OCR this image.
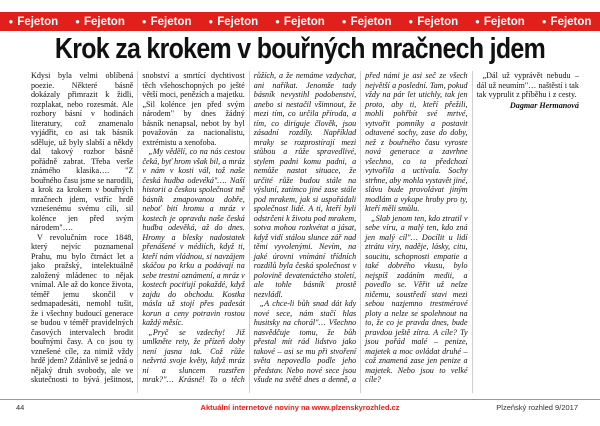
● Fejeton ● Fejeton ● Fejeton ● Fejeton ● Fejeton ● Fejeton ● Fejeton ● Fejeton ● Fejeton
Krok za krokem v bouřných mračnech jdem

Kdysi byla velmi oblíbená poezie. Některé básně dokázaly přimrazit k židli, rozplakat, nebo rozesmát. Ale rozbory básní v hodinách literatury, což znamenalo vyjádřit, co asi tak básník sděluje, už byly slabší a někdy dal takový rozbor básně pořádně zabrat. Třeba verše známého klasika…. "Z bouřného času jsme se narodili, a krok za krokem v bouřných mračnech jdem, vstříc hrdě vzneśenému svému cíli, sil kolénce jen před svým národem"….

V revolučním roce 1848, který nejvíc poznamenal Prahu, mu bylo čtrnáct let a jako pražský, intelektuálně založený mládenec to nějak vnímal. Ale až do konce života, téměř jemu skončil v sedmapadesáti, nemohl tušit, že i všechny budoucí generace se budou v téměř pravidelných časových intervalech brodit bouřnými časy. A co jsou ty vznešené cíle, za nimiž vždy hrdě jdem? Zdánlivě se jedná o nějaký druh svobody, ale ve skutečnosti to bývá ješitnost, snobství a smrtící dychtivost těch všehoschopných po ješté větší moci, penězích a majetku. „Sil kolénce jen před svým národem" by dnes žádný básník nenapsal, nebot by byl považován za nacionalistu, extrémistu a xenofoba.

„My vědělí, co na nás cestou čeká, byť hrom však bil, a mráz v nám v kosti vál, tož naše česká hudba odevéká"…. Naší historii a českou společnost mě básník zmapovanou dobře, neboť bití hromu a mráz v kostech je opravdu naše česká hudba odevěká, až do dnes. Hromy a blesky nadostatek přenášené v médiích, když ti, kteří nám vládnou, si navzájem skáčou po krku a podávají na sebe trestní oznámení, a mráz v kostech pociťují pokaždé, když zajdu do obchodu. Kostka másla už stojí přes padesát korun a ceny potravin rostou každý měsíc.

„Pryč se vzdechy! Již umlkněte rety, že přízeň doby není jasna tak. Což růže nežvrtá svoje květy, když mráz ni a sluncem rozstřen mrak?"… Krásné! To o těch růžích, a že nemáme vzdychat, ani naříkat. Jenomže tady básník nevystihl podobenství, anebo si nestačil všimnout, že mezi tím, co určila příroda, a tím, co diriguje člověk, jsou zásadní rozdíly. Například mraky se rozprostírají mezi stůbou a růže spravedlivé, stylem padni komu padni, a nemůže nastat situace, že určité růže budou stále na výsluní, zatímco jiné zase stále pod mrakem, jak si uspořádali společnost lidé. A ti, kteří byli odstrčeni k životu pod mrakem, sotva mohou rozkvétat a jásat, když vidí stálou slunce zář nad těmi vyvolenými. Nevím, na jaké úrovni vnímání třídních rozdílů byla česká společnost v polovině devatenáctého století, ale tohle básník prostě nezvládl.

„A chce-li bůh snad dát kdy nové sece, nám stačí hlas husitsky na chorál"… Všechno nasvědčuje tomu, že bůh přestal mít rád lidstvo jako takové – asi se mu při stvoření světa nepovedlo podle jeho představ. Nebo nové sece jsou všude na světě dnes a denně, a před námi je asi seč ze všech největší a poslední. Tam, pokud vždy na pár let utichly, tak jen proto, aby ti, kteří přežili, mohli pohřbít své mrtvé, vytvořit pomníky a postavit odtavené sochy, zase do doby, než z bouřného času vyroste nová generace a zavrhne všechno, co ta předchozí vytvořila a uctívala. Sochy strhne, aby mohla vystavět jiné, slávu bude provolávat jiným modlám a vykope hroby pro ty, kteří měli smůlu.

„Slab jenom ten, kdo ztratil v sebe víru, a malý ten, kdo zná jen malý cíl"… Docílit u lidí ztrátu víry, naděje, lásky, citu, soucitu, schopnosti empatie a také dobrého vkusu, bylo nejspíš zadáním medii, a povedlo se. Věřit už nelze ničemu, soustředí stavi mezi sebou nazjemno trestmérové ploty a nelze se spolehnout na to, že co je pravda dnes, bude pravdou ještě zítra. A cíle? Ty jsou pořád malé – penize, majetek a moc ovládat druhé – což znamená zase jen penize a majetek. Nebo jsou to velké cíle?

„Dál už vyprávět nebudu – dál už neumím"… naštěstí i tak tak vyprulit z příběhu i z cesty.

Dagmar Hermanová

44	Aktuální internetové noviny na www.plzenskyrozhled.cz	Plzeňský rozhled 9/2017
